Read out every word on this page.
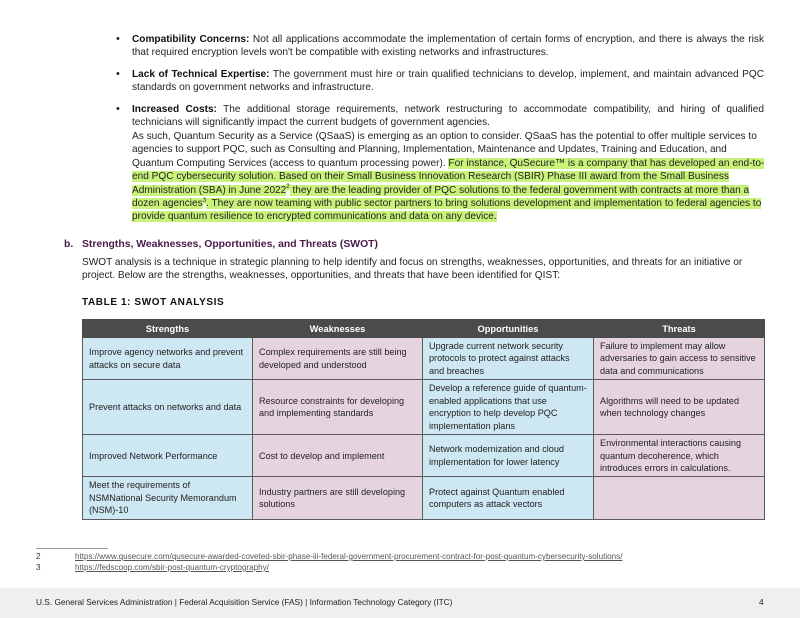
• Compatibility Concerns: Not all applications accommodate the implementation of certain forms of encryption, and there is always the risk that required encryption levels won't be compatible with existing networks and infrastructures.
• Lack of Technical Expertise: The government must hire or train qualified technicians to develop, implement, and maintain advanced PQC standards on government networks and infrastructure.
• Increased Costs: The additional storage requirements, network restructuring to accommodate compatibility, and hiring of qualified technicians will significantly impact the current budgets of government agencies.
As such, Quantum Security as a Service (QSaaS) is emerging as an option to consider. QSaaS has the potential to offer multiple services to agencies to support PQC, such as Consulting and Planning, Implementation, Maintenance and Updates, Training and Education, and Quantum Computing Services (access to quantum processing power). For instance, QuSecure™ is a company that has developed an end-to-end PQC cybersecurity solution. Based on their Small Business Innovation Research (SBIR) Phase III award from the Small Business Administration (SBA) in June 2022$^2$ they are the leading provider of PQC solutions to the federal government with contracts at more than a dozen agencies$^3$. They are now teaming with public sector partners to bring solutions development and implementation to federal agencies to provide quantum resilience to encrypted communications and data on any device.
b. Strengths, Weaknesses, Opportunities, and Threats (SWOT)
SWOT analysis is a technique in strategic planning to help identify and focus on strengths, weaknesses, opportunities, and threats for an initiative or project. Below are the strengths, weaknesses, opportunities, and threats that have been identified for QIST:
TABLE 1: SWOT ANALYSIS
Strengths	Weaknesses	Opportunities	Threats
Improve agency networks and prevent attacks on secure data	Complex requirements are still being developed and understood	Upgrade current network security protocols to protect against attacks and breaches	Failure to implement may allow adversaries to gain access to sensitive data and communications
Prevent attacks on networks and data	Resource constraints for developing and implementing standards	Develop a reference guide of quantum-enabled applications that use encryption to help develop PQC implementation plans	Algorithms will need to be updated when technology changes
Improved Network Performance	Cost to develop and implement	Network modernization and cloud implementation for lower latency	Environmental interactions causing quantum decoherence, which introduces errors in calculations.
Meet the requirements of NSMNational Security Memorandum (NSM)-10	Industry partners are still developing solutions	Protect against Quantum enabled computers as attack vectors	
2	https://www.qusecure.com/qusecure-awarded-coveted-sbir-phase-iii-federal-government-procurement-contract-for-post-quantum-cybersecurity-solutions/
3	https://fedscoop.com/sbir-post-quantum-cryptography/
U.S. General Services Administration | Federal Acquisition Service (FAS) | Information Technology Category (ITC)	4
